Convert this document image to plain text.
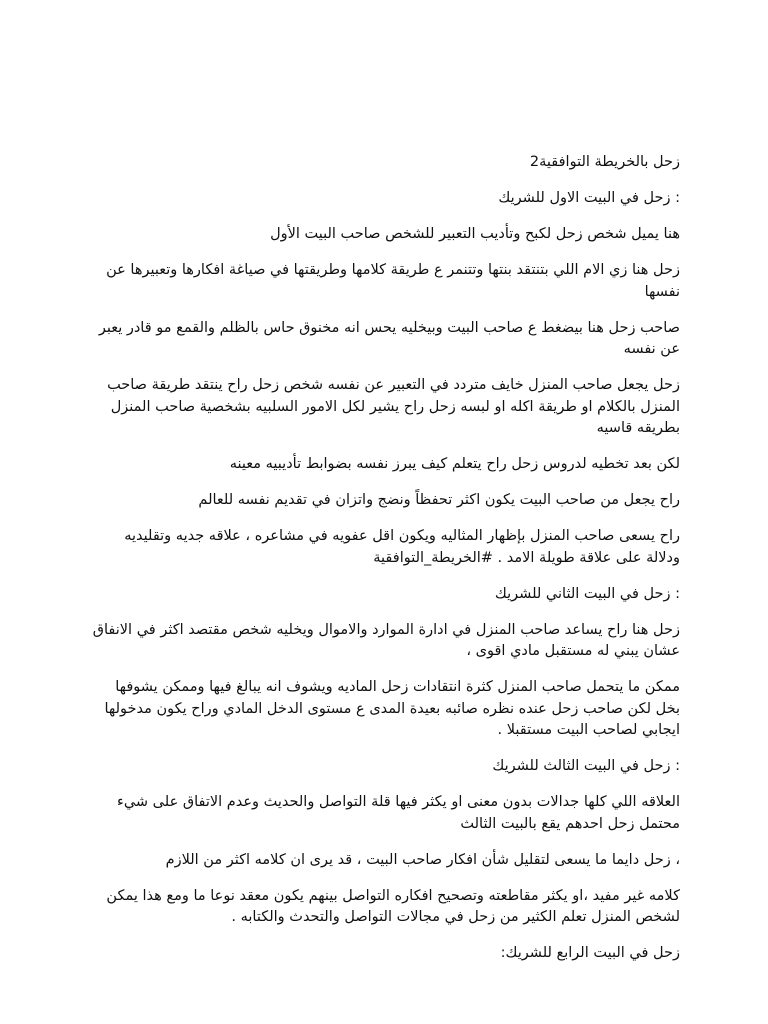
زحل بالخريطة التوافقية2

: زحل في البيت الاول للشريك

هنا يميل شخص زحل لكبح وتأديب التعبير للشخص صاحب البيت الأول

زحل هنا زي الام اللي بتنتقد بنتها وتتنمر ع طريقة كلامها وطريقتها في صياغة افكارها وتعبيرها عن نفسها

صاحب زحل هنا بيضغط ع صاحب البيت وبيخليه يحس انه مخنوق حاس بالظلم والقمع مو قادر يعبر عن نفسه

زحل يجعل صاحب المنزل خايف متردد في التعبير عن نفسه شخص زحل راح ينتقد طريقة صاحب المنزل بالكلام او طريقة اكله او لبسه زحل راح يشير لكل الامور السلبيه بشخصية صاحب المنزل بطريقه قاسيه

لكن بعد تخطيه لدروس زحل راح يتعلم كيف يبرز نفسه بضوابط تأديبيه معينه

راح يجعل من صاحب البيت يكون اكثر تحفظاً ونضج واتزان في تقديم نفسه للعالم

راح يسعى صاحب المنزل بإظهار المثاليه ويكون اقل عفويه في مشاعره ، علاقه جديه وتقليديه ودلالة على علاقة طويلة الامد . #الخريطة_التوافقية

: زحل في البيت الثاني للشريك

زحل هنا راح يساعد صاحب المنزل في ادارة الموارد والاموال ويخليه شخص مقتصد اكثر في الانفاق عشان يبني له مستقبل مادي اقوى ،

ممكن ما يتحمل صاحب المنزل كثرة انتقادات زحل الماديه ويشوف انه يبالغ فيها وممكن يشوفها بخل لكن صاحب زحل عنده نظره صائبه بعيدة المدى ع مستوى الدخل المادي وراح يكون مدخولها ايجابي لصاحب البيت مستقبلا .

: زحل في البيت الثالث للشريك

العلاقه اللي كلها جدالات بدون معنى او يكثر فيها قلة التواصل والحديث وعدم الاتفاق على شيء محتمل زحل احدهم يقع بالبيت الثالث

، زحل دايما ما يسعى لتقليل شأن افكار صاحب البيت ، قد يرى ان كلامه اكثر من اللازم

كلامه غير مفيد ،او يكثر مقاطعته وتصحيح افكاره التواصل بينهم يكون معقد نوعا ما ومع هذا يمكن لشخص المنزل تعلم الكثير من زحل في مجالات التواصل والتحدث والكتابه .

زحل في البيت الرابع للشريك:
